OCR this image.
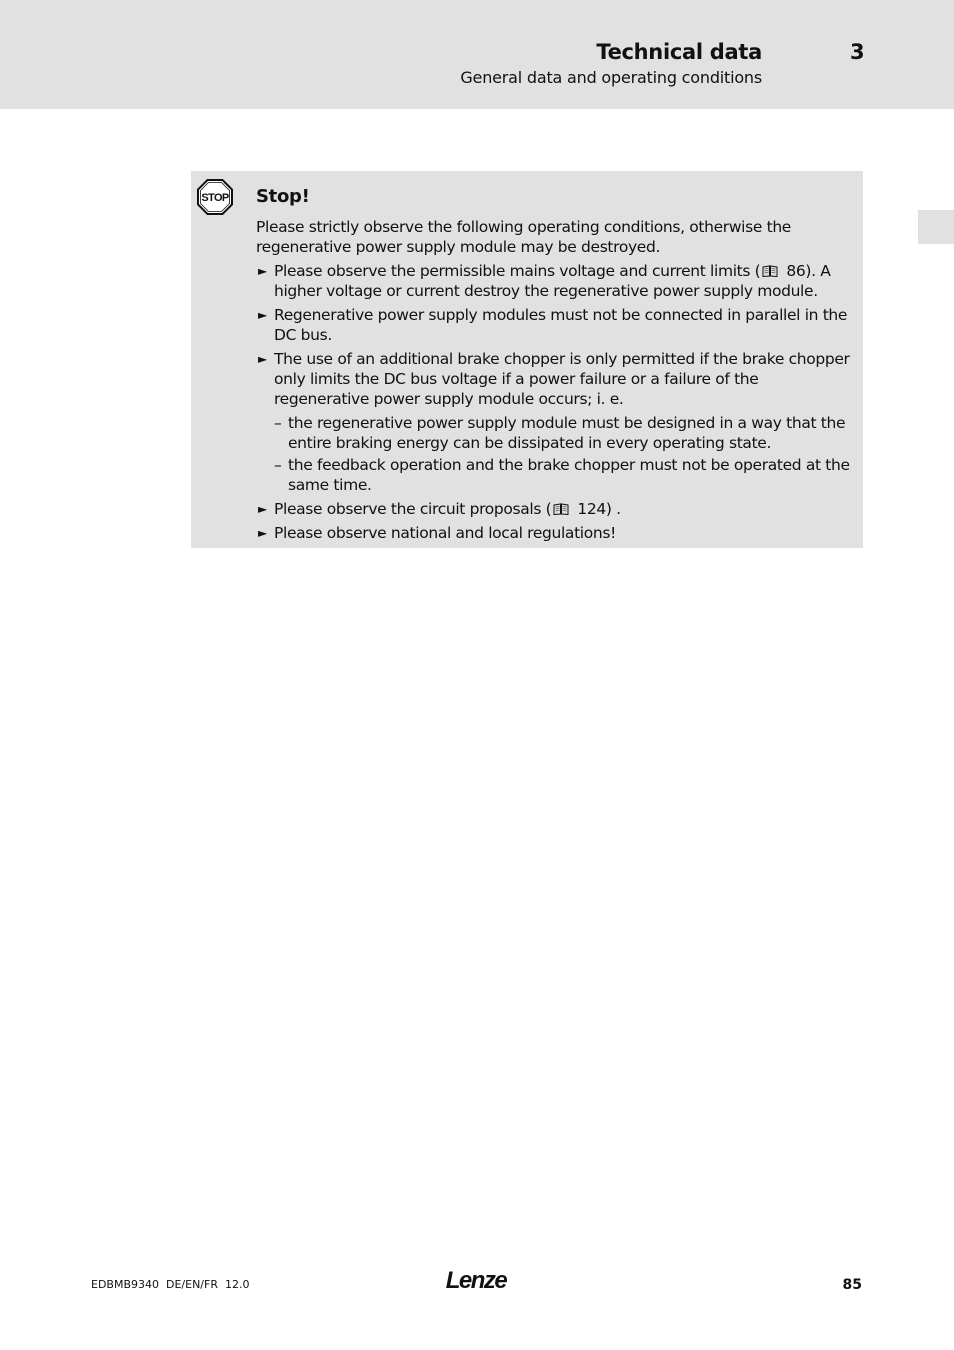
Technical data	3
General data and operating conditions
STOP Stop!
Please strictly observe the following operating conditions, otherwise the regenerative power supply module may be destroyed.
► Please observe the permissible mains voltage and current limits ( 86). A higher voltage or current destroy the regenerative power supply module.
► Regenerative power supply modules must not be connected in parallel in the DC bus.
► The use of an additional brake chopper is only permitted if the brake chopper only limits the DC bus voltage if a power failure or a failure of the regenerative power supply module occurs; i. e.
– the regenerative power supply module must be designed in a way that the entire braking energy can be dissipated in every operating state.
– the feedback operation and the brake chopper must not be operated at the same time.
► Please observe the circuit proposals ( 124) .
► Please observe national and local regulations!
EDBMB9340  DE/EN/FR  12.0	Lenze	85
